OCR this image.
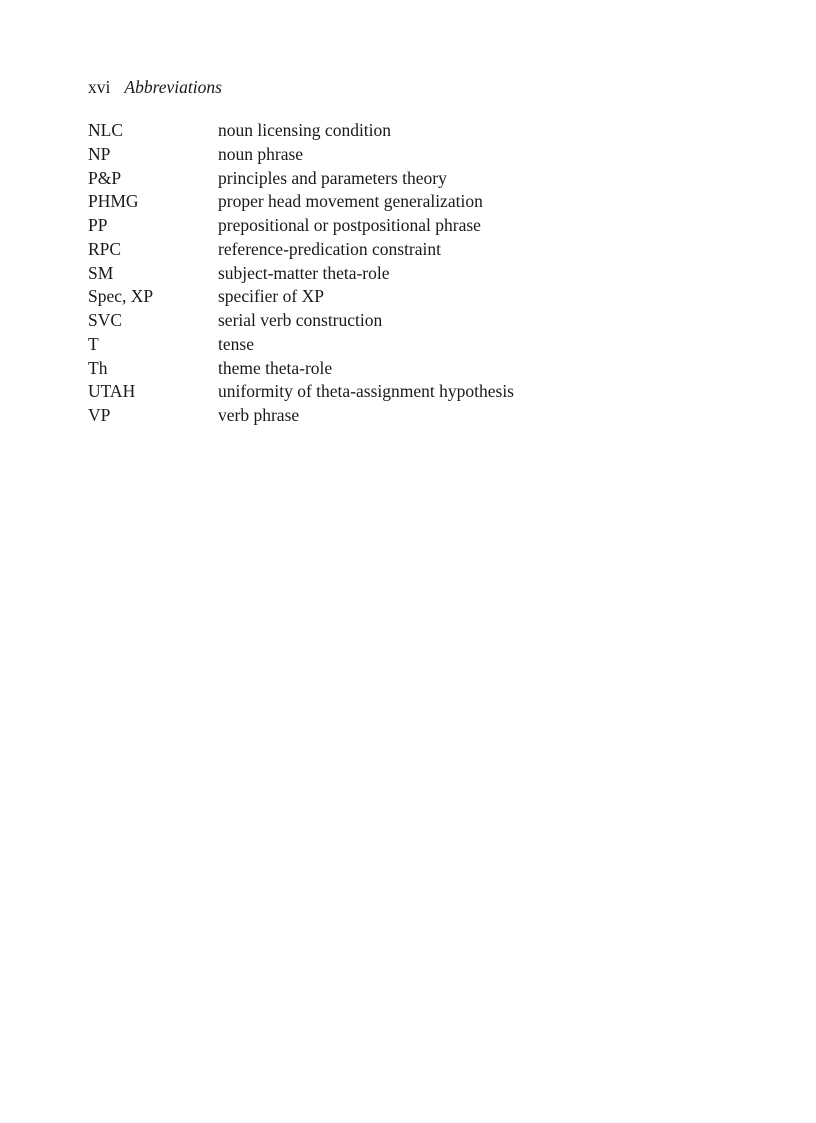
xvi Abbreviations
NLC	noun licensing condition
NP	noun phrase
P&P	principles and parameters theory
PHMG	proper head movement generalization
PP	prepositional or postpositional phrase
RPC	reference-predication constraint
SM	subject-matter theta-role
Spec, XP	specifier of XP
SVC	serial verb construction
T	tense
Th	theme theta-role
UTAH	uniformity of theta-assignment hypothesis
VP	verb phrase
